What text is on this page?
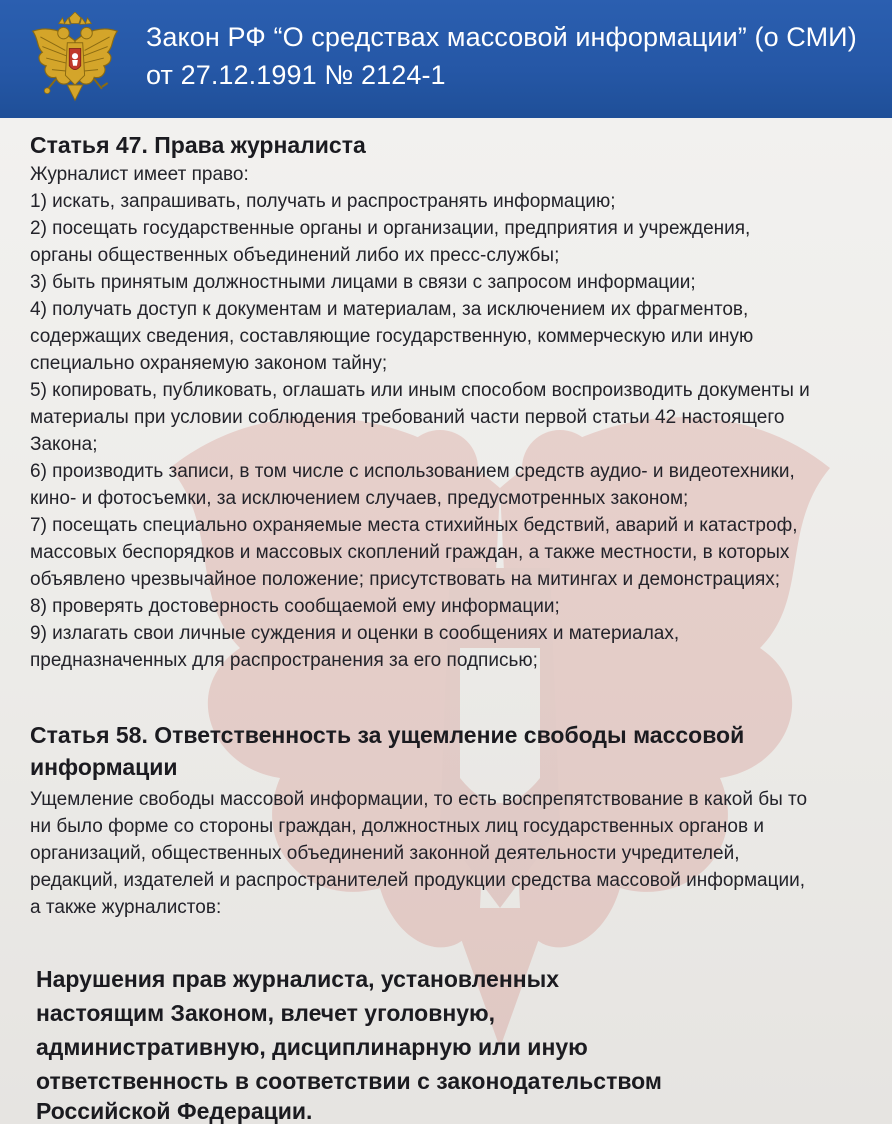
Закон РФ “О средствах массовой информации” (о СМИ)
от 27.12.1991 № 2124-1
Статья 47. Права журналиста
Журналист имеет право:
1) искать, запрашивать, получать и распространять информацию;
2) посещать государственные органы и организации, предприятия и учреждения,
органы общественных объединений либо их пресс-службы;
3) быть принятым должностными лицами в связи с запросом информации;
4) получать доступ к документам и материалам, за исключением их фрагментов,
содержащих сведения, составляющие государственную, коммерческую или иную
специально охраняемую законом тайну;
5) копировать, публиковать, оглашать или иным способом воспроизводить документы и
материалы при условии соблюдения требований части первой статьи 42 настоящего
Закона;
6) производить записи, в том числе с использованием средств аудио- и видеотехники,
кино- и фотосъемки, за исключением случаев, предусмотренных законом;
7) посещать специально охраняемые места стихийных бедствий, аварий и катастроф,
массовых беспорядков и массовых скоплений граждан, а также местности, в которых
объявлено чрезвычайное положение; присутствовать на митингах и демонстрациях;
8) проверять достоверность сообщаемой ему информации;
9) излагать свои личные суждения и оценки в сообщениях и материалах,
предназначенных для распространения за его подписью;
Статья 58. Ответственность за ущемление свободы массовой
информации
Ущемление свободы массовой информации, то есть воспрепятствование в какой бы то
ни было форме со стороны граждан, должностных лиц государственных органов и
организаций, общественных объединений законной деятельности учредителей,
редакций, издателей и распространителей продукции средства массовой информации,
а также журналистов:
Нарушения прав журналиста, установленных
настоящим Законом, влечет уголовную,
административную, дисциплинарную или иную
ответственность в соответствии с законодательством
Российской Федерации.
